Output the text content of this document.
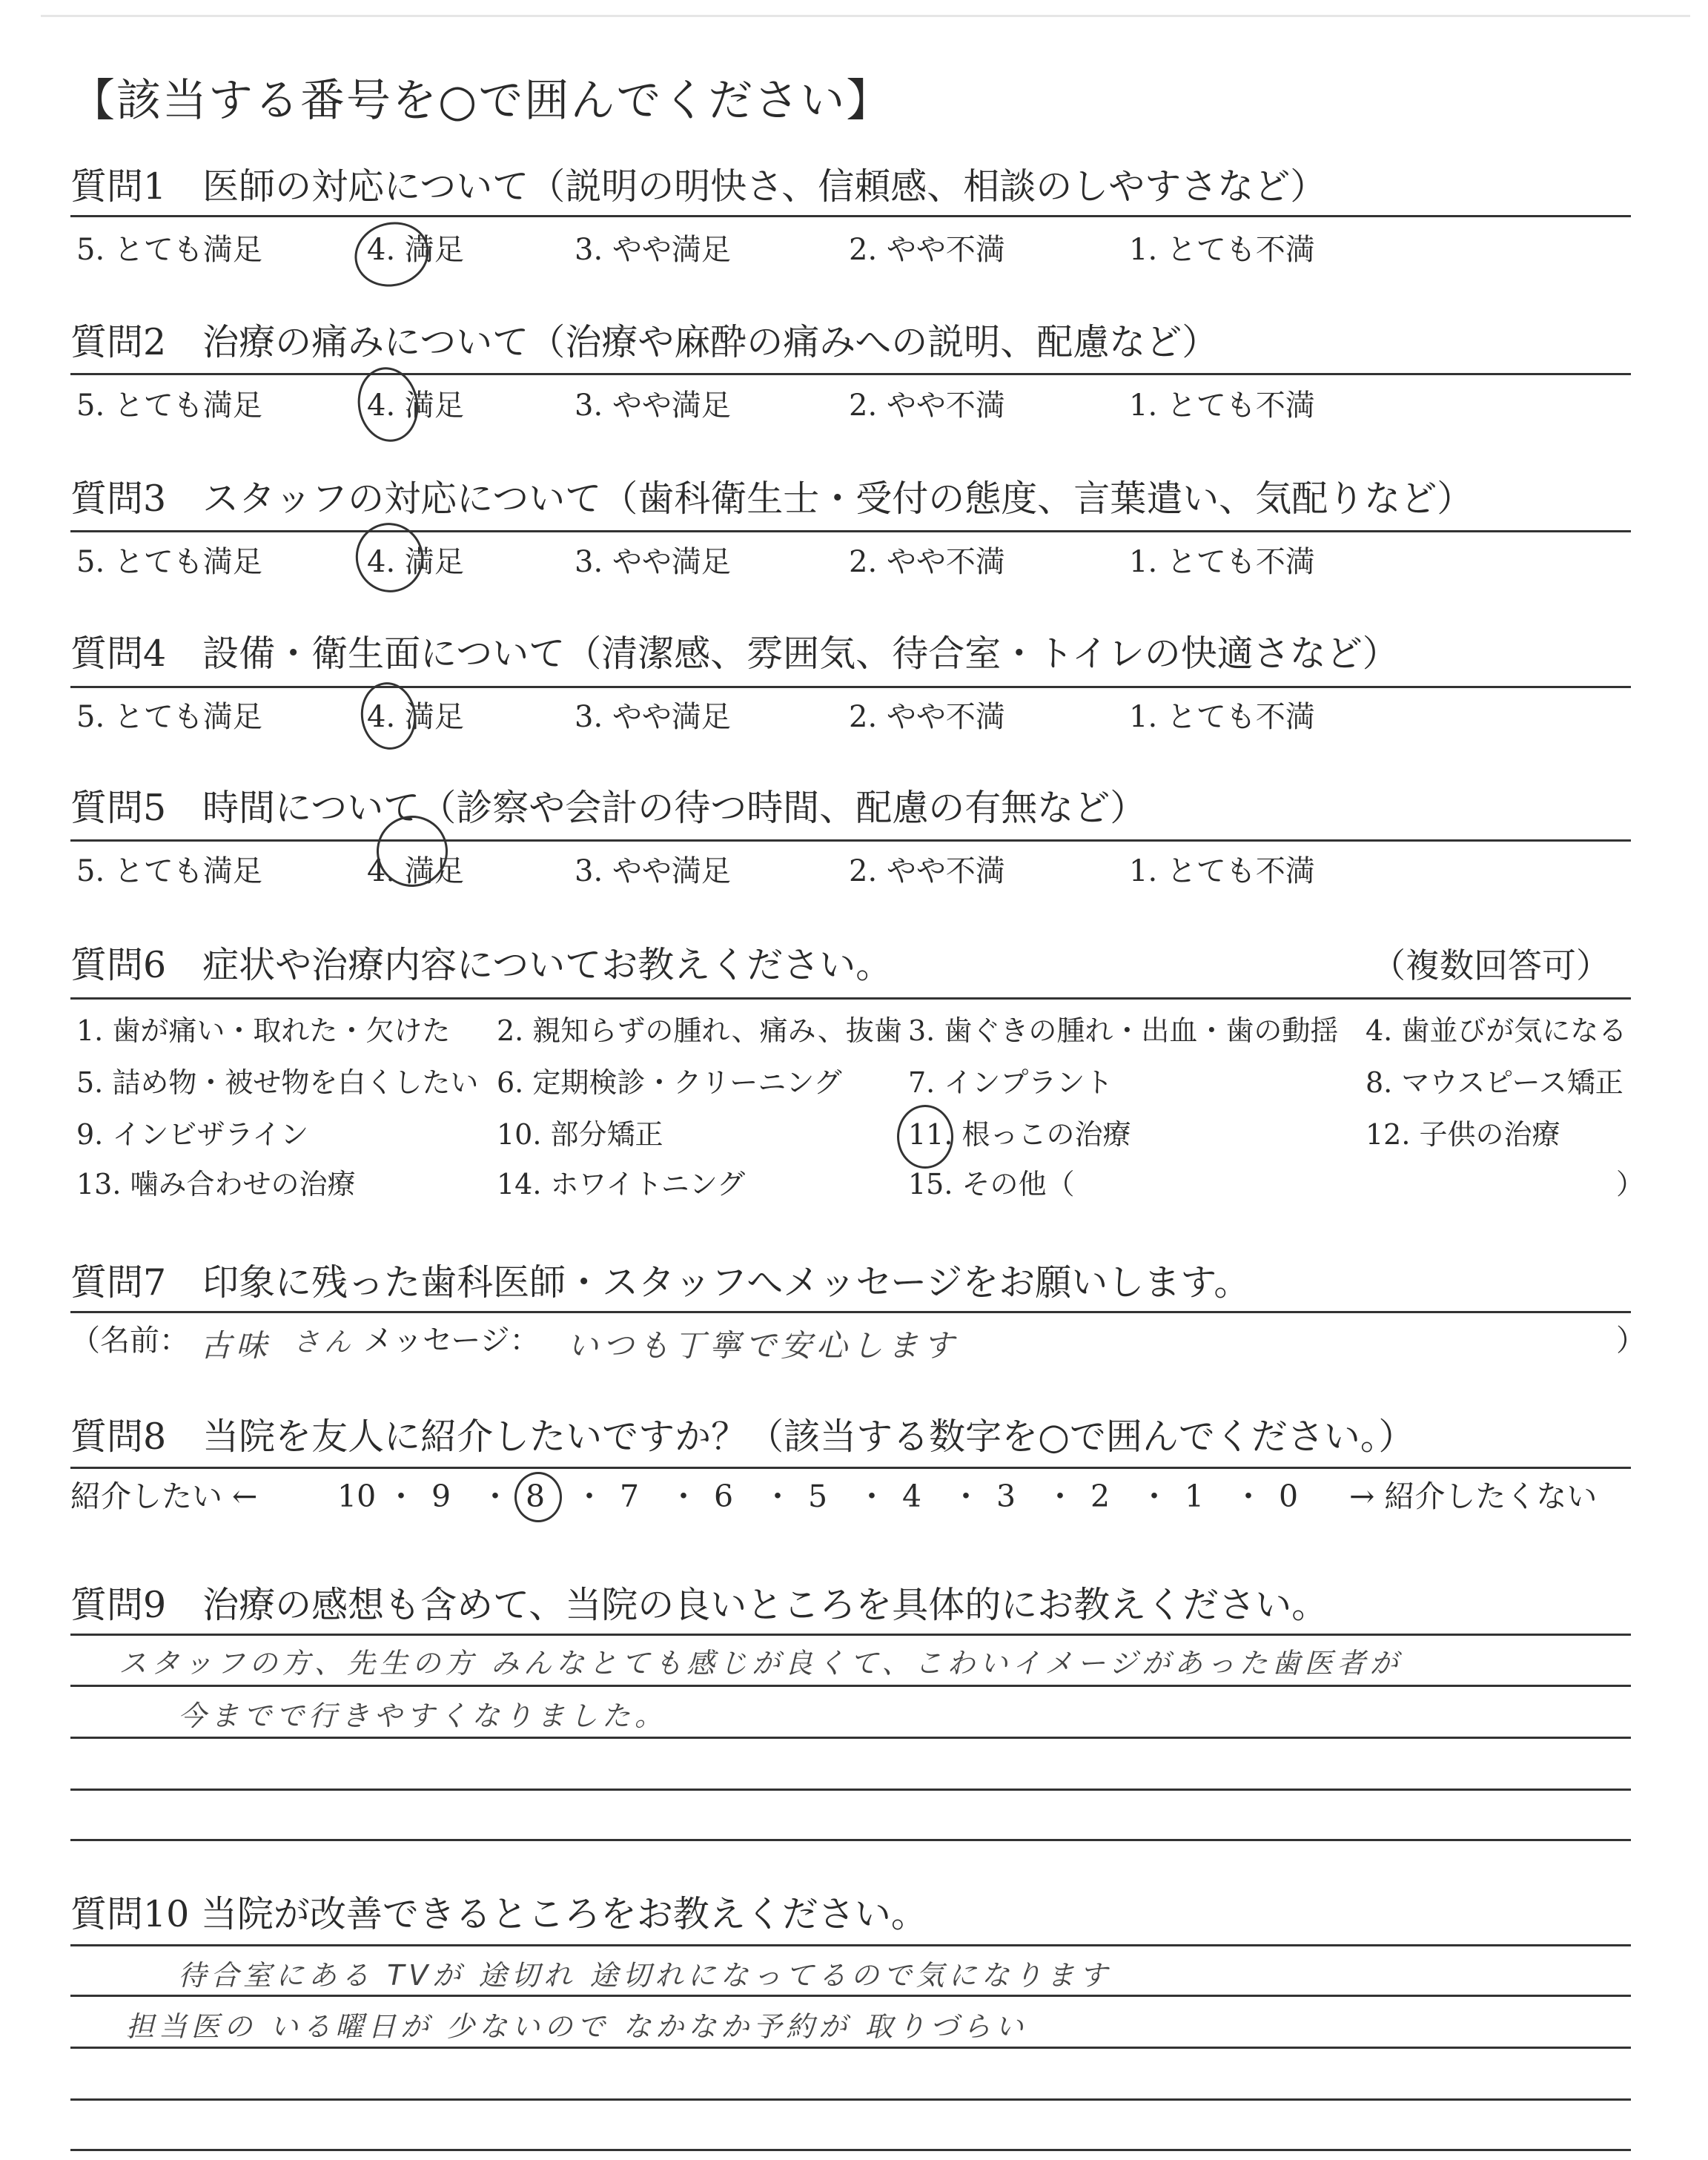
【該当する番号を○で囲んでください】
質問1　医師の対応について（説明の明快さ、信頼感、相談のしやすさなど）
5. とても満足	4. 満足	3. やや満足	2. やや不満	1. とても不満
質問2　治療の痛みについて（治療や麻酔の痛みへの説明、配慮など）
5. とても満足	4. 満足	3. やや満足	2. やや不満	1. とても不満
質問3　スタッフの対応について（歯科衛生士・受付の態度、言葉遣い、気配りなど）
5. とても満足	4. 満足	3. やや満足	2. やや不満	1. とても不満
質問4　設備・衛生面について（清潔感、雰囲気、待合室・トイレの快適さなど）
5. とても満足	4. 満足	3. やや満足	2. やや不満	1. とても不満
質問5　時間について（診察や会計の待つ時間、配慮の有無など）
5. とても満足	4. 満足	3. やや満足	2. やや不満	1. とても不満
質問6　症状や治療内容についてお教えください。	（複数回答可）
1. 歯が痛い・取れた・欠けた 2. 親知らずの腫れ、痛み、抜歯 3. 歯ぐきの腫れ・出血・歯の動揺 4. 歯並びが気になる
5. 詰め物・被せ物を白くしたい 6. 定期検診・クリーニング 7. インプラント	8. マウスピース矯正
9. インビザライン	10. 部分矯正	11. 根っこの治療	12. 子供の治療
13. 噛み合わせの治療	14. ホワイトニング	15. その他（	）
質問7　印象に残った歯科医師・スタッフへメッセージをお願いします。
（名前： 古味 さん メッセージ： いつも丁寧で安心します	）
質問8　当院を友人に紹介したいですか？（該当する数字を○で囲んでください。）
紹介したい ←	→ 紹介したくない
10 ・ 9 ・ 8 ・ 7 ・ 6 ・ 5 ・ 4 ・ 3 ・ 2 ・ 1 ・ 0
質問9　治療の感想も含めて、当院の良いところを具体的にお教えください。
スタッフの方、先生の方 みんなとても感じが良くて、こわいイメージがあった歯医者が
今までで行きやすくなりました。
質問10 当院が改善できるところをお教えください。
待合室にある TVが 途切れ 途切れになってるので気になります
担当医の いる曜日が 少ないので なかなか予約が 取りづらい
